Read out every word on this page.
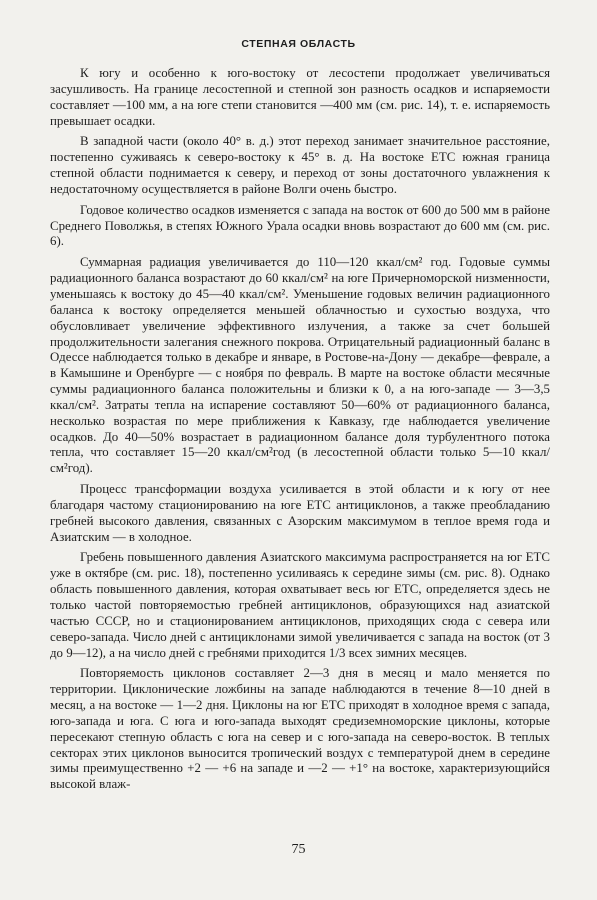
СТЕПНАЯ ОБЛАСТЬ

К югу и особенно к юго-востоку от лесостепи продолжает увеличиваться засушливость. На границе лесостепной и степной зон разность осадков и испаряемости составляет —100 мм, а на юге степи становится —400 мм (см. рис. 14), т. е. испаряемость превышает осадки.

В западной части (около 40° в. д.) этот переход занимает значительное расстояние, постепенно суживаясь к северо-востоку к 45° в. д. На востоке ЕТС южная граница степной области поднимается к северу, и переход от зоны достаточного увлажнения к недостаточному осуществляется в районе Волги очень быстро.

Годовое количество осадков изменяется с запада на восток от 600 до 500 мм в районе Среднего Поволжья, в степях Южного Урала осадки вновь возрастают до 600 мм (см. рис. 6).

Суммарная радиация увеличивается до 110—120 ккал/см² год. Годовые суммы радиационного баланса возрастают до 60 ккал/см² на юге Причерноморской низменности, уменьшаясь к востоку до 45—40 ккал/см². Уменьшение годовых величин радиационного баланса к востоку определяется меньшей облачностью и сухостью воздуха, что обусловливает увеличение эффективного излучения, а также за счет большей продолжительности залегания снежного покрова. Отрицательный радиационный баланс в Одессе наблюдается только в декабре и январе, в Ростове-на-Дону — декабре—феврале, а в Камышине и Оренбурге — с ноября по февраль. В марте на востоке области месячные суммы радиационного баланса положительны и близки к 0, а на юго-западе — 3—3,5 ккал/см². Затраты тепла на испарение составляют 50—60% от радиационного баланса, несколько возрастая по мере приближения к Кавказу, где наблюдается увеличение осадков. До 40—50% возрастает в радиационном балансе доля турбулентного потока тепла, что составляет 15—20 ккал/см²год (в лесостепной области только 5—10 ккал/см²год).

Процесс трансформации воздуха усиливается в этой области и к югу от нее благодаря частому стационированию на юге ЕТС антициклонов, а также преобладанию гребней высокого давления, связанных с Азорским максимумом в теплое время года и Азиатским — в холодное.

Гребень повышенного давления Азиатского максимума распространяется на юг ЕТС уже в октябре (см. рис. 18), постепенно усиливаясь к середине зимы (см. рис. 8). Однако область повышенного давления, которая охватывает весь юг ЕТС, определяется здесь не только частой повторяемостью гребней антициклонов, образующихся над азиатской частью СССР, но и стационированием антициклонов, приходящих сюда с севера или северо-запада. Число дней с антициклонами зимой увеличивается с запада на восток (от 3 до 9—12), а на число дней с гребнями приходится 1/3 всех зимних месяцев.

Повторяемость циклонов составляет 2—3 дня в месяц и мало меняется по территории. Циклонические ложбины на западе наблюдаются в течение 8—10 дней в месяц, а на востоке — 1—2 дня. Циклоны на юг ЕТС приходят в холодное время с запада, юго-запада и юга. С юга и юго-запада выходят средиземноморские циклоны, которые пересекают степную область с юга на север и с юго-запада на северо-восток. В теплых секторах этих циклонов выносится тропический воздух с температурой днем в середине зимы преимущественно +2 — +6 на западе и —2 — +1° на востоке, характеризующийся высокой влаж-

75
